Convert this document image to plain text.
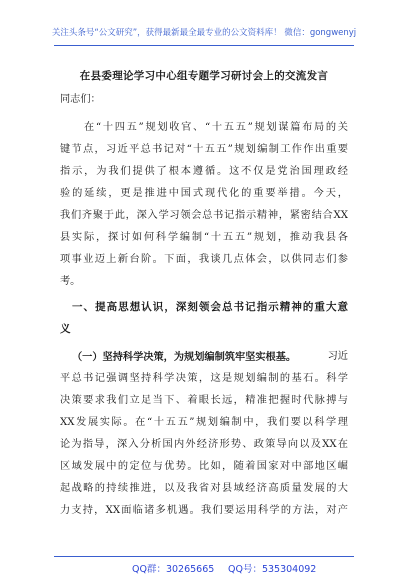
关注头条号“公文研究”，获得最新最全最专业的公文资料库！ 微信：gongwenyj
在县委理论学习中心组专题学习研讨会上的交流发言
同志们：
在“十四五”规划收官、“十五五”规划谋篇布局的关
键节点，习近平总书记对“十五五”规划编制工作作出重要
指示，为我们提供了根本遵循。这不仅是党治国理政经
验的延续，更是推进中国式现代化的重要举措。今天，
我们齐聚于此，深入学习领会总书记指示精神，紧密结合XX
县实际，探讨如何科学编制“十五五”规划，推动我县各
项事业迈上新台阶。下面，我谈几点体会，以供同志们参
考。
一、提高思想认识，深刻领会总书记指示精神的重大意
义
（一）坚持科学决策，为规划编制筑牢坚实根基。	习近
平总书记强调坚持科学决策，这是规划编制的基石。科学
决策要求我们立足当下、着眼长远，精准把握时代脉搏与
XX发展实际。在“十五五”规划编制中，我们要以科学理
论为指导，深入分析国内外经济形势、政策导向以及XX在
区域发展中的定位与优势。比如，随着国家对中部地区崛
起战略的持续推进，以及我省对县域经济高质量发展的大
力支持，XX面临诸多机遇。我们要运用科学的方法，对产
QQ群：30265665 QQ号：535304092
